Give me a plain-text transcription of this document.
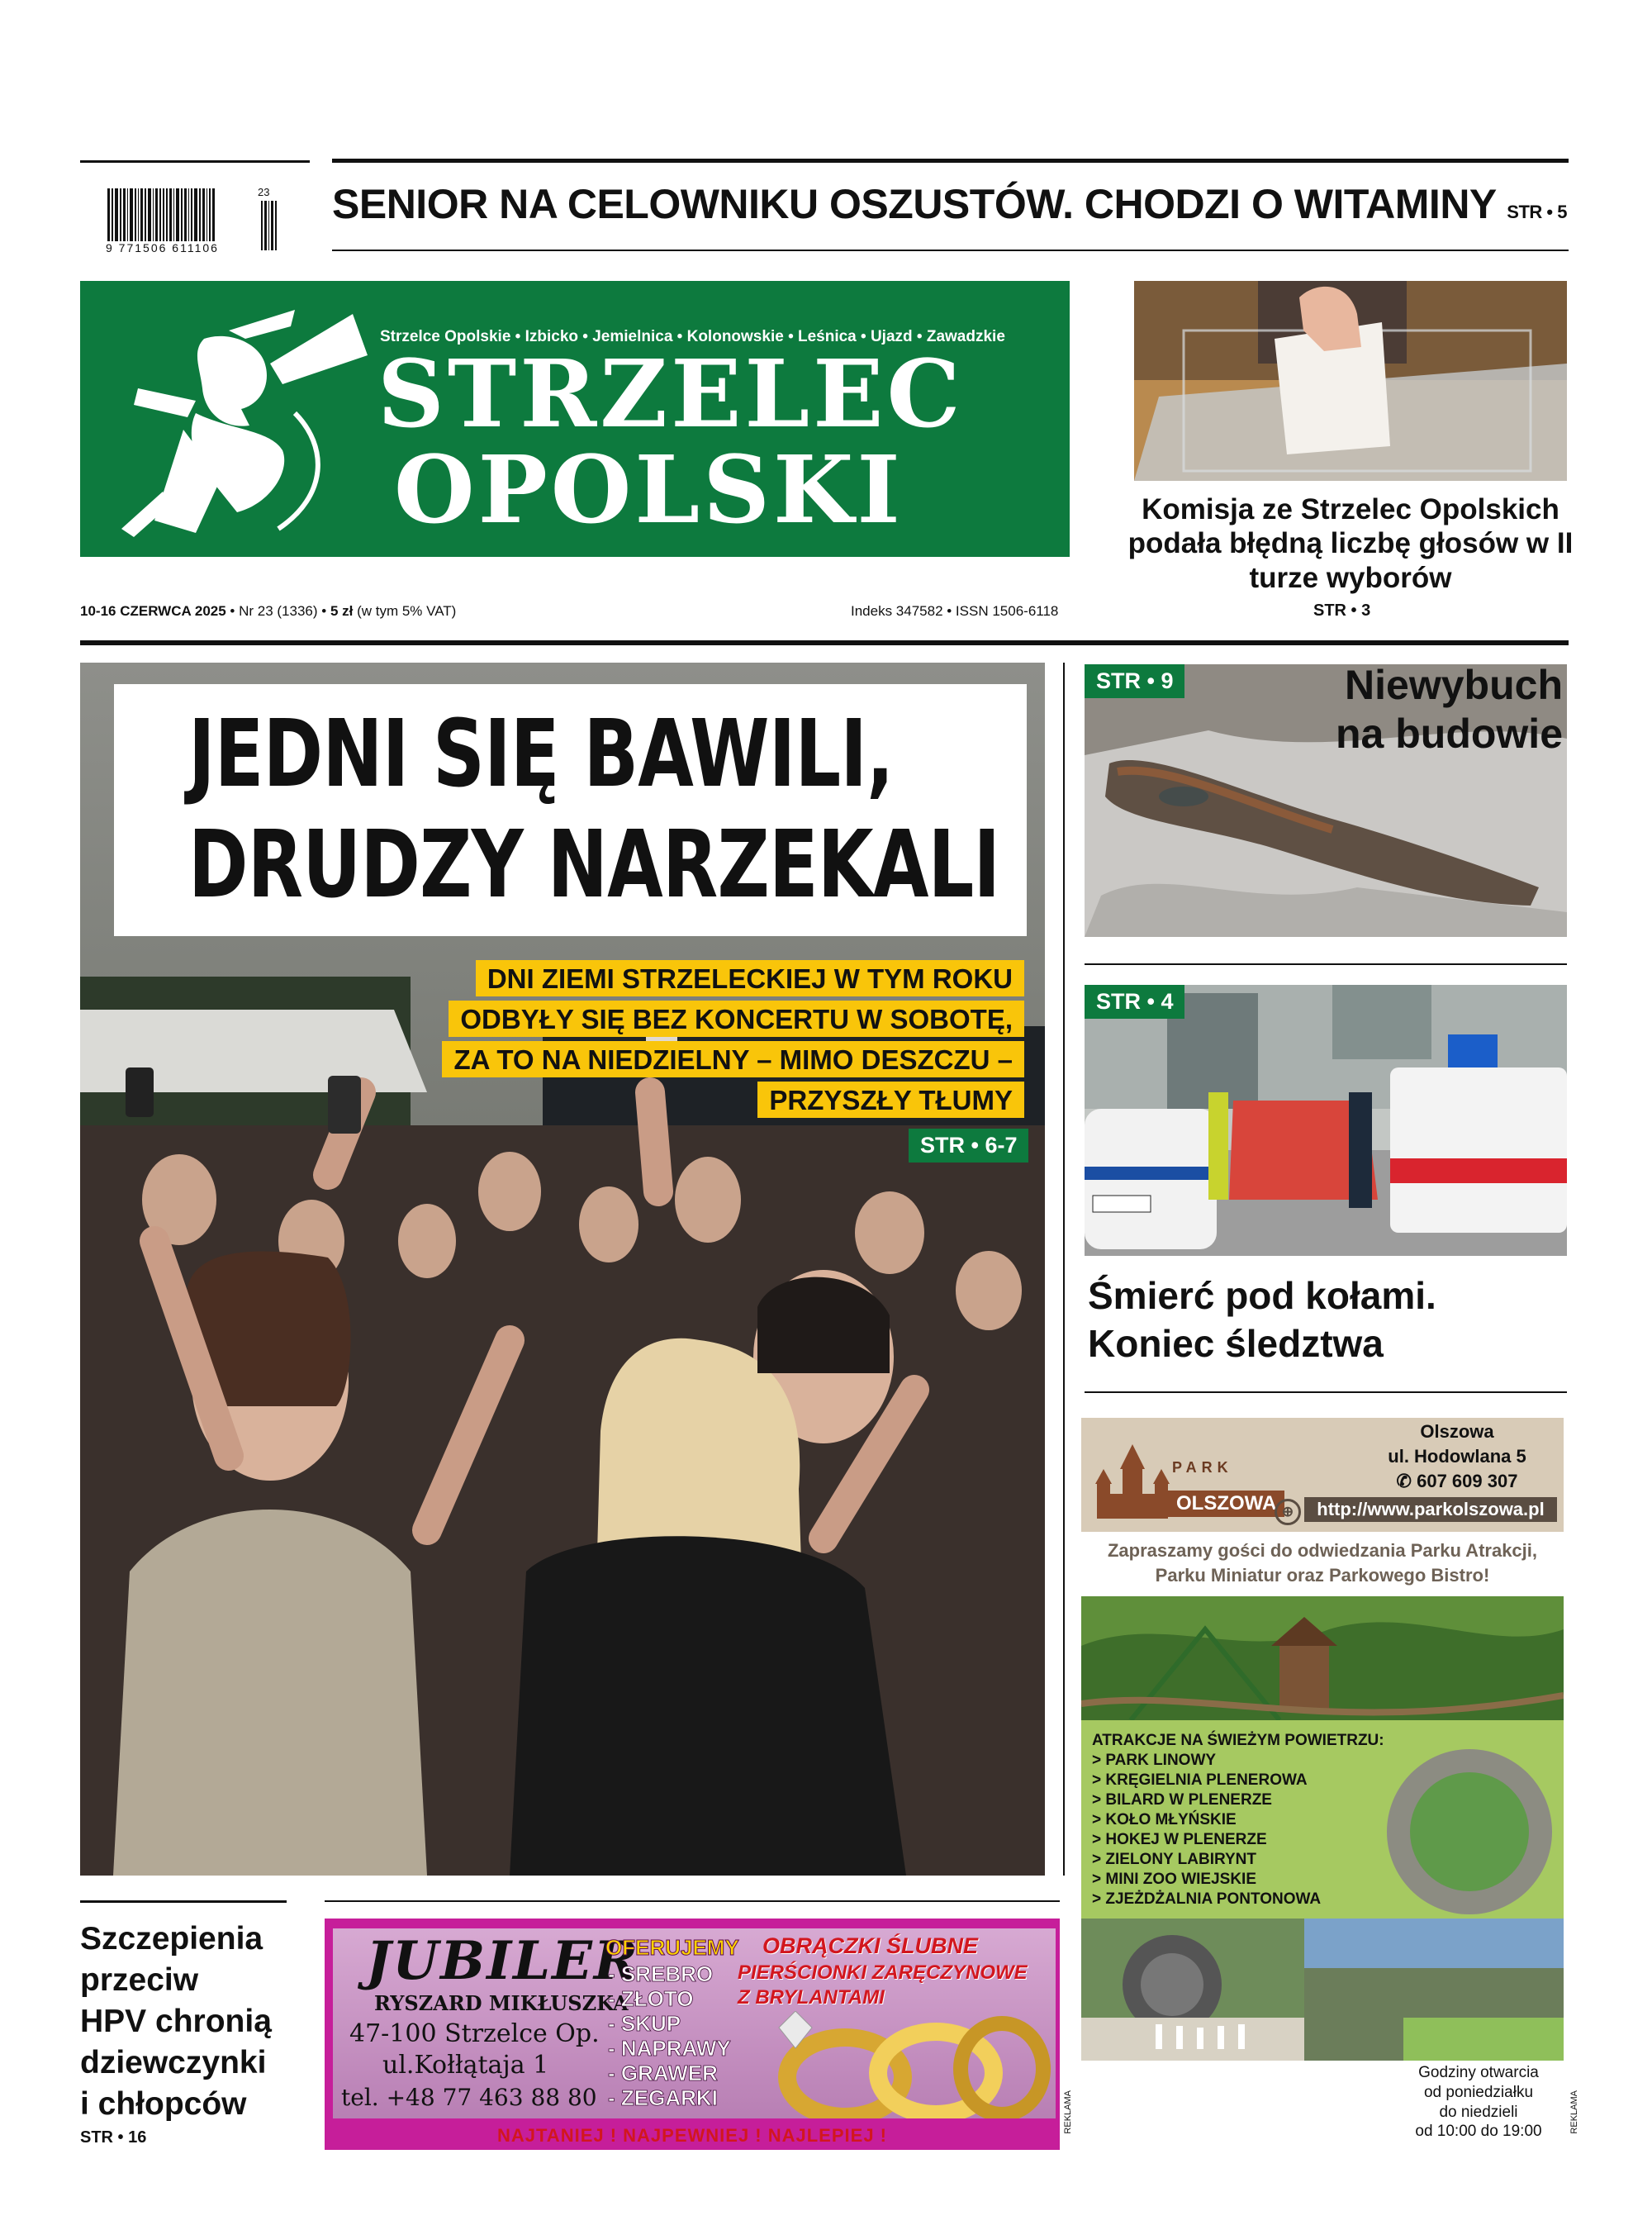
9 771506 611106
23 SENIOR NA CELOWNIKU OSZUSTÓW. CHODZI O WITAMINY STR • 5
Strzelce Opolskie • Izbicko • Jemielnica • Kolonowskie • Leśnica • Ujazd • Zawadzkie
STRZELEC
OPOLSKI
10-16 CZERWCA 2025 • Nr 23 (1336) • 5 zł (w tym 5% VAT)	Indeks 347582 • ISSN 1506-6118
Komisja ze Strzelec Opolskich podała błędną liczbę głosów w II turze wyborów
STR • 3
JEDNI SIĘ BAWILI,
DRUDZY NARZEKALI
DNI ZIEMI STRZELECKIEJ W TYM ROKU
ODBYŁY SIĘ BEZ KONCERTU W SOBOTĘ,
ZA TO NA NIEDZIELNY – MIMO DESZCZU –
PRZYSZŁY TŁUMY
STR • 6-7
STR • 9	Niewybuch na budowie
STR • 4
Śmierć pod kołami.
Koniec śledztwa
PARK
OLSZOWA
Olszowa
ul. Hodowlana 5
✆ 607 609 307
⊕	http://www.parkolszowa.pl
Zapraszamy gości do odwiedzania Parku Atrakcji,
Parku Miniatur oraz Parkowego Bistro!
ATRAKCJE NA ŚWIEŻYM POWIETRZU:
> PARK LINOWY
> KRĘGIELNIA PLENEROWA
> BILARD W PLENERZE
> KOŁO MŁYŃSKIE
> HOKEJ W PLENERZE
> ZIELONY LABIRYNT
> MINI ZOO WIEJSKIE
> ZJEŻDŻALNIA PONTONOWA
Godziny otwarcia
od poniedziałku
do niedzieli
od 10:00 do 19:00	REKLAMA
Szczepienia
przeciw
HPV chronią
dziewczynki
i chłopców
STR • 16
JUBILER
RYSZARD MIKŁUSZKA
47-100 Strzelce Op.
ul.Kołłątaja 1
tel. +48 77 463 88 80
OFERUJEMY OBRĄCZKI ŚLUBNE
PIERŚCIONKI ZARĘCZYNOWE
Z BRYLANTAMI
- SREBRO
- ZŁOTO
- SKUP
- NAPRAWY
- GRAWER
- ZEGARKI
NAJTANIEJ ! NAJPEWNIEJ ! NAJLEPIEJ !
REKLAMA
